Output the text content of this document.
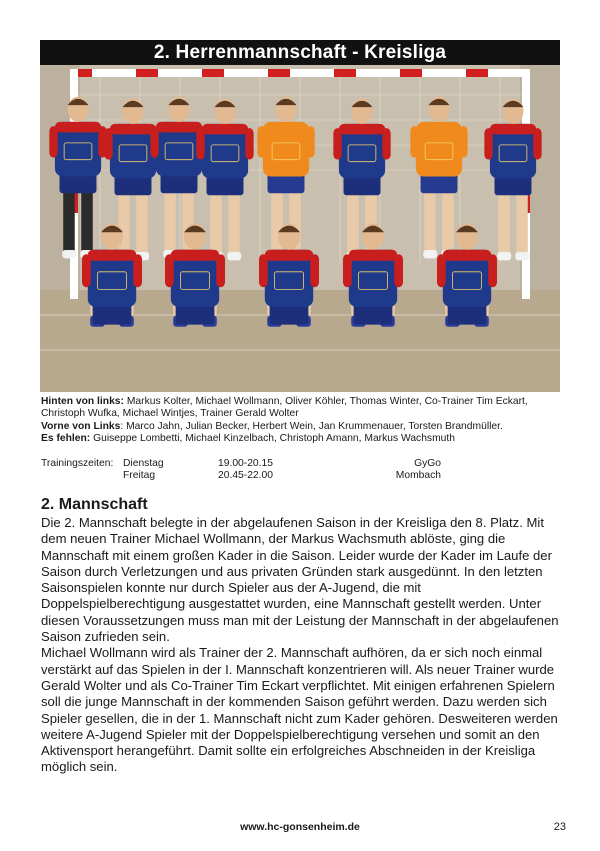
2. Herrenmannschaft - Kreisliga
Hinten von links: Markus Kolter, Michael Wollmann, Oliver Köhler, Thomas Winter, Co-Trainer Tim Eckart, Christoph Wufka, Michael Wintjes, Trainer Gerald Wolter
Vorne von Links: Marco Jahn, Julian Becker, Herbert Wein, Jan Krummenauer, Torsten Brandmüller.
Es fehlen: Guiseppe Lombetti, Michael Kinzelbach, Christoph Amann, Markus Wachsmuth
Trainingszeiten: Dienstag	19.00-20.15	GyGo
Freitag	20.45-22.00	Mombach
2. Mannschaft

Die 2. Mannschaft belegte in der abgelaufenen Saison in der Kreisliga den 8. Platz. Mit dem neuen Trainer Michael Wollmann, der Markus Wachsmuth ablöste, ging die Mannschaft mit einem großen Kader in die Saison. Leider wurde der Kader im Laufe der Saison durch Verletzungen und aus privaten Gründen stark ausgedünnt. In den letzten Saisonspielen konnte nur durch Spieler aus der A-Jugend, die mit Doppelspielberechtigung ausgestattet wurden, eine Mannschaft gestellt werden. Unter diesen Voraussetzungen muss man mit der Leistung der Mannschaft in der abgelaufenen Saison zufrieden sein.

Michael Wollmann wird als Trainer der 2. Mannschaft aufhören, da er sich noch einmal verstärkt auf das Spielen in der I. Mannschaft konzentrieren will. Als neuer Trainer wurde Gerald Wolter und als Co-Trainer Tim Eckart verpflichtet. Mit einigen erfahrenen Spielern soll die junge Mannschaft in der kommenden Saison geführt werden. Dazu werden sich Spieler gesellen, die in der 1. Mannschaft nicht zum Kader gehören. Desweiteren werden weitere A-Jugend Spieler mit der Doppelspielberechtigung versehen und somit an den Aktivensport herangeführt. Damit sollte ein erfolgreiches Abschneiden in der Kreisliga möglich sein.

www.hc-gonsenheim.de	23
